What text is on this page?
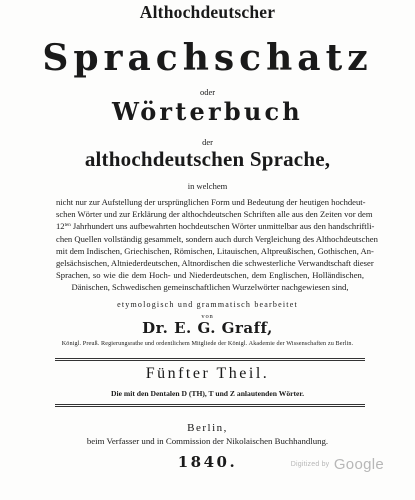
Althochdeutscher
Sprachschatz
oder
Wörterbuch
der
althochdeutschen Sprache,
in welchem
nicht nur zur Aufstellung der ursprünglichen Form und Bedeutung der heutigen hochdeut-
schen Wörter und zur Erklärung der althochdeutschen Schriften alle aus den Zeiten vor dem
$12^{ten}$ Jahrhundert uns aufbewahrten hochdeutschen Wörter unmittelbar aus den handschriftli-
chen Quellen vollständig gesammelt, sondern auch durch Vergleichung des Althochdeutschen
mit dem Indischen, Griechischen, Römischen, Litauischen, Altpreußischen, Gothischen, An-
gelsächsischen, Altniederdeutschen, Altnordischen die schwesterliche Verwandtschaft dieser
Sprachen, so wie die dem Hoch- und Niederdeutschen, dem Englischen, Holländischen,
Dänischen, Schwedischen gemeinschaftlichen Wurzelwörter nachgewiesen sind,
etymologisch und grammatisch bearbeitet
von
Dr. E. G. Graff,
Königl. Preuß. Regierungsrathe und ordentlichem Mitgliede der Königl. Akademie der Wissenschaften zu Berlin.
Fünfter Theil.
Die mit den Dentalen D (TH), T und Z anlautenden Wörter.
Berlin,
beim Verfasser und in Commission der Nikolaischen Buchhandlung.
1840.	Digitized by Google
